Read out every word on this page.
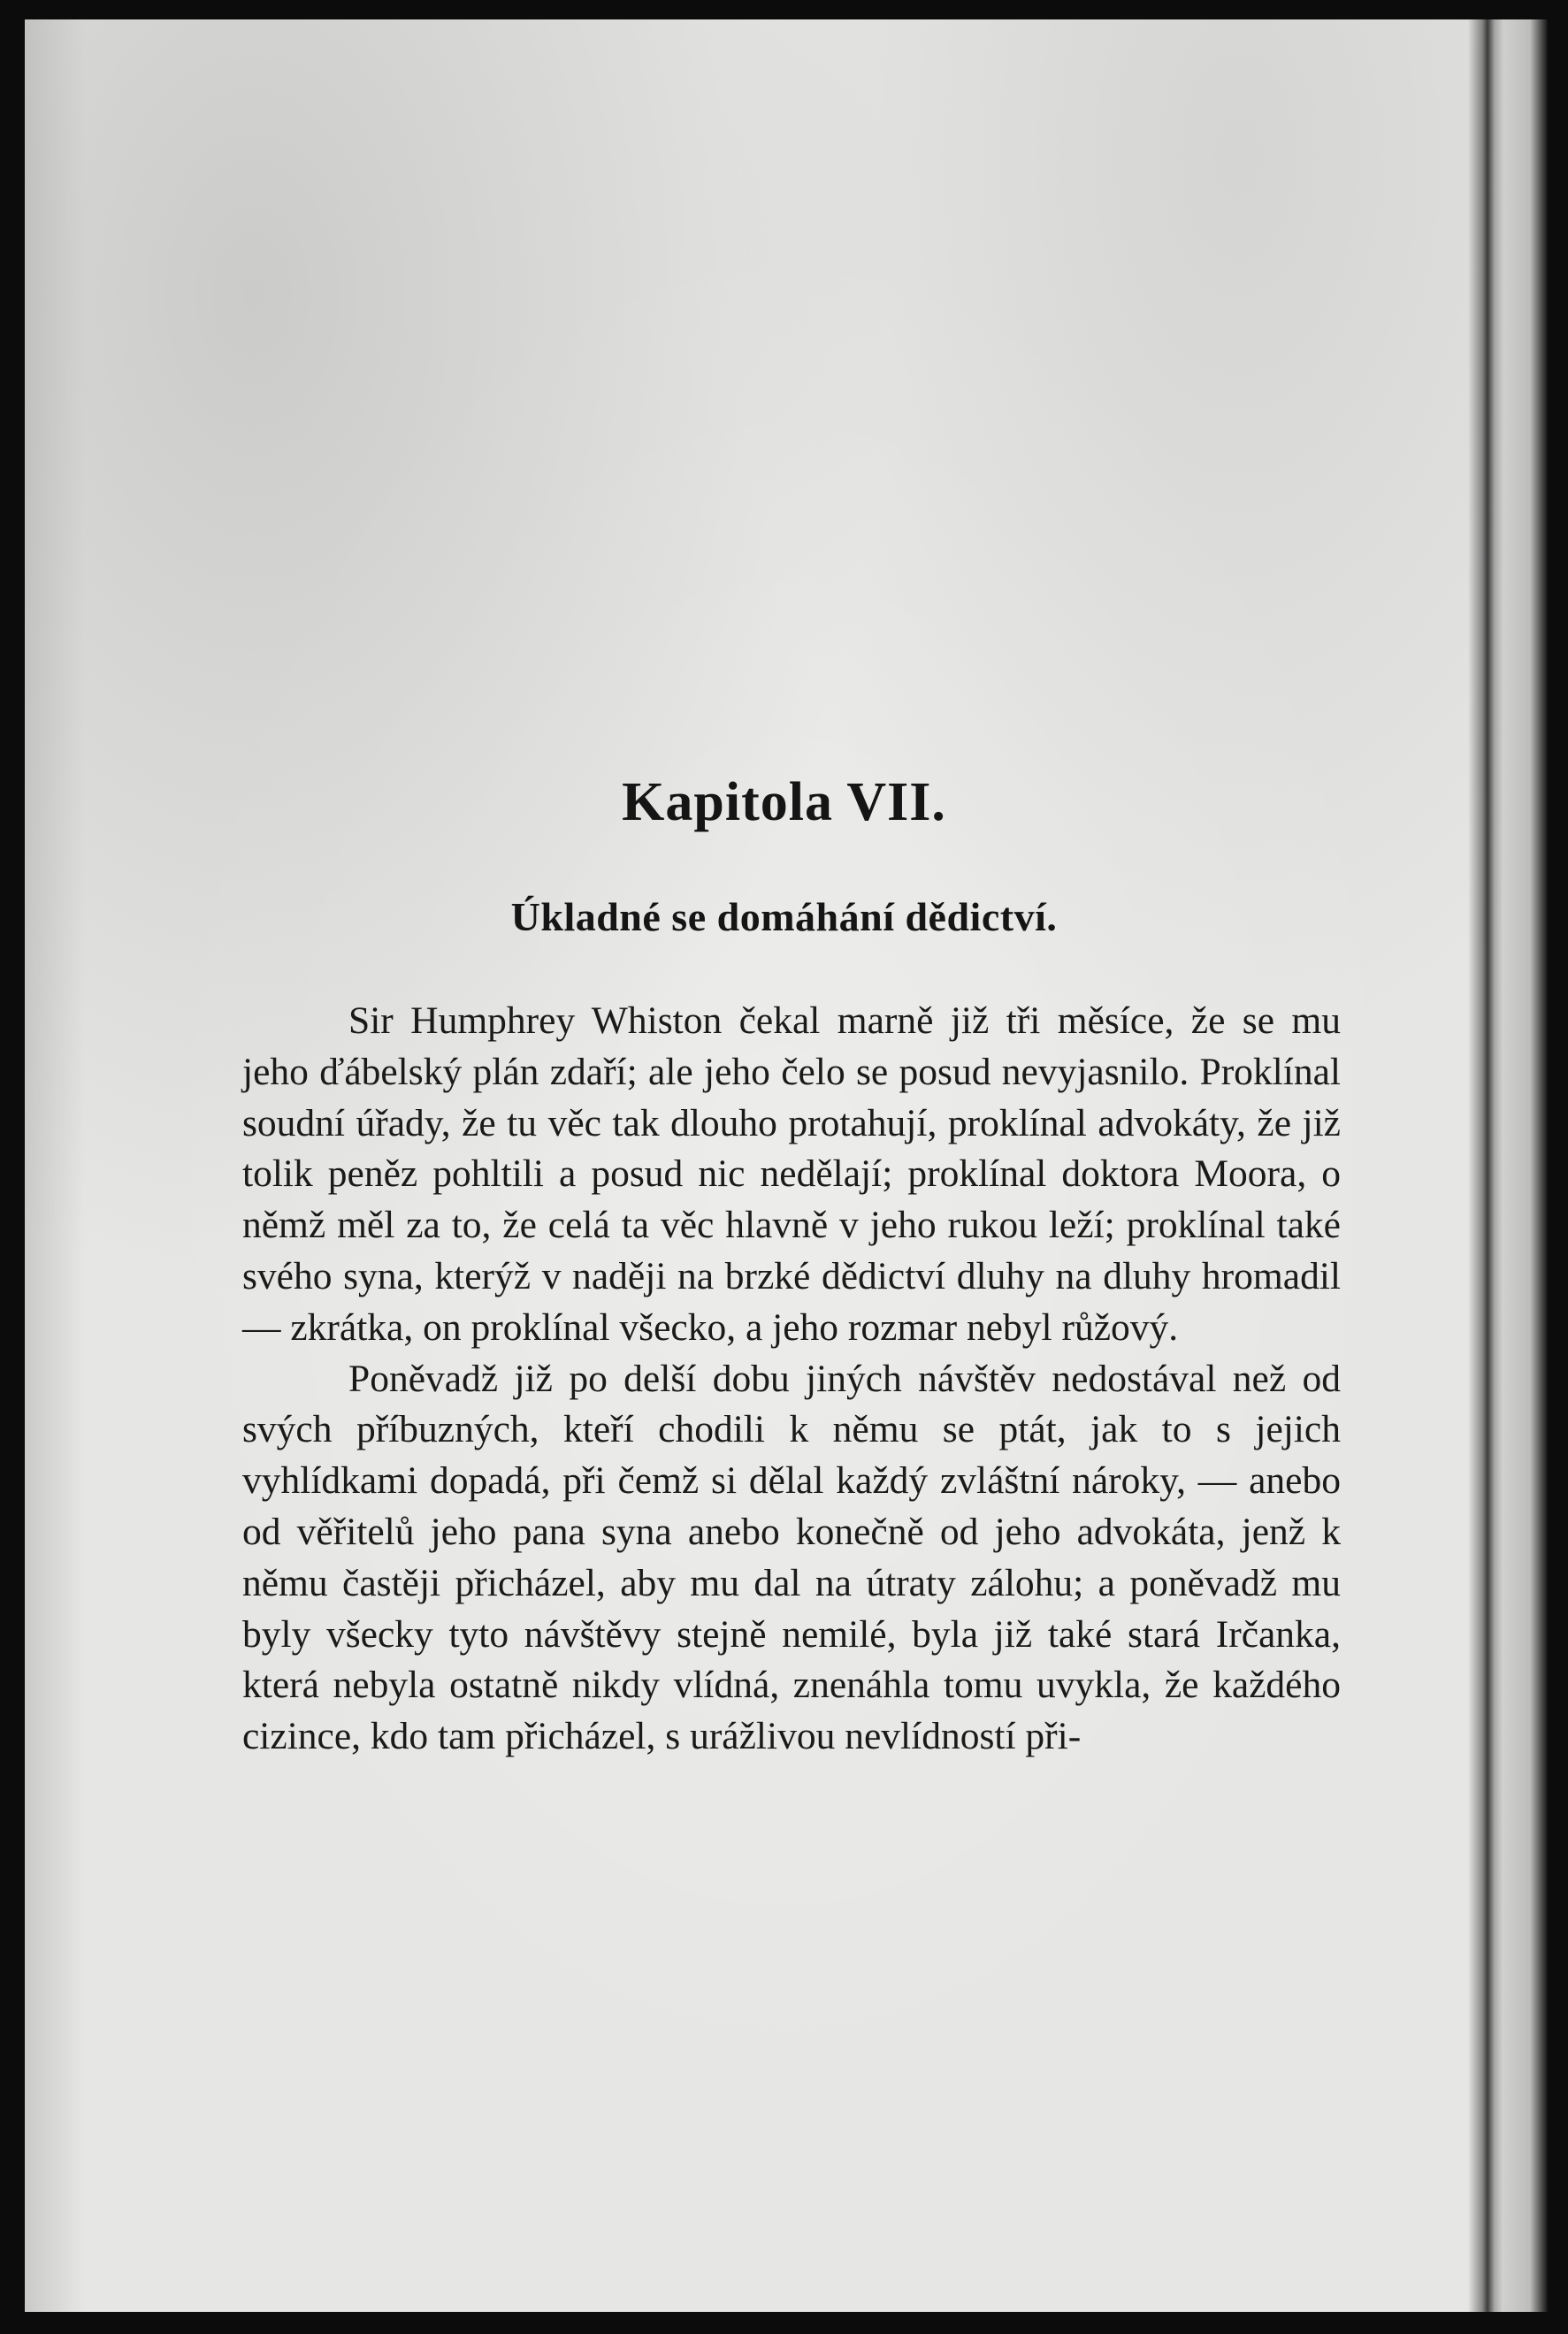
Kapitola VII.
Úkladné se domáhání dědictví.

Sir Humphrey Whiston čekal marně již tři měsíce, že se mu jeho ďábelský plán zdaří; ale jeho čelo se posud nevyjasnilo. Proklínal soudní úřady, že tu věc tak dlouho protahují, proklínal advokáty, že již tolik peněz pohltili a posud nic nedělají; proklínal doktora Moora, o němž měl za to, že celá ta věc hlavně v jeho rukou leží; proklínal také svého syna, kterýž v naději na brzké dědictví dluhy na dluhy hromadil — zkrátka, on proklínal všecko, a jeho rozmar nebyl růžový.

Poněvadž již po delší dobu jiných návštěv nedostával než od svých příbuzných, kteří chodili k němu se ptát, jak to s jejich vyhlídkami dopadá, při čemž si dělal každý zvláštní nároky, — anebo od věřitelů jeho pana syna anebo konečně od jeho advokáta, jenž k němu častěji přicházel, aby mu dal na útraty zálohu; a poněvadž mu byly všecky tyto návštěvy stejně nemilé, byla již také stará Irčanka, která nebyla ostatně nikdy vlídná, znenáhla tomu uvykla, že každého cizince, kdo tam přicházel, s urážlivou nevlídností při-
